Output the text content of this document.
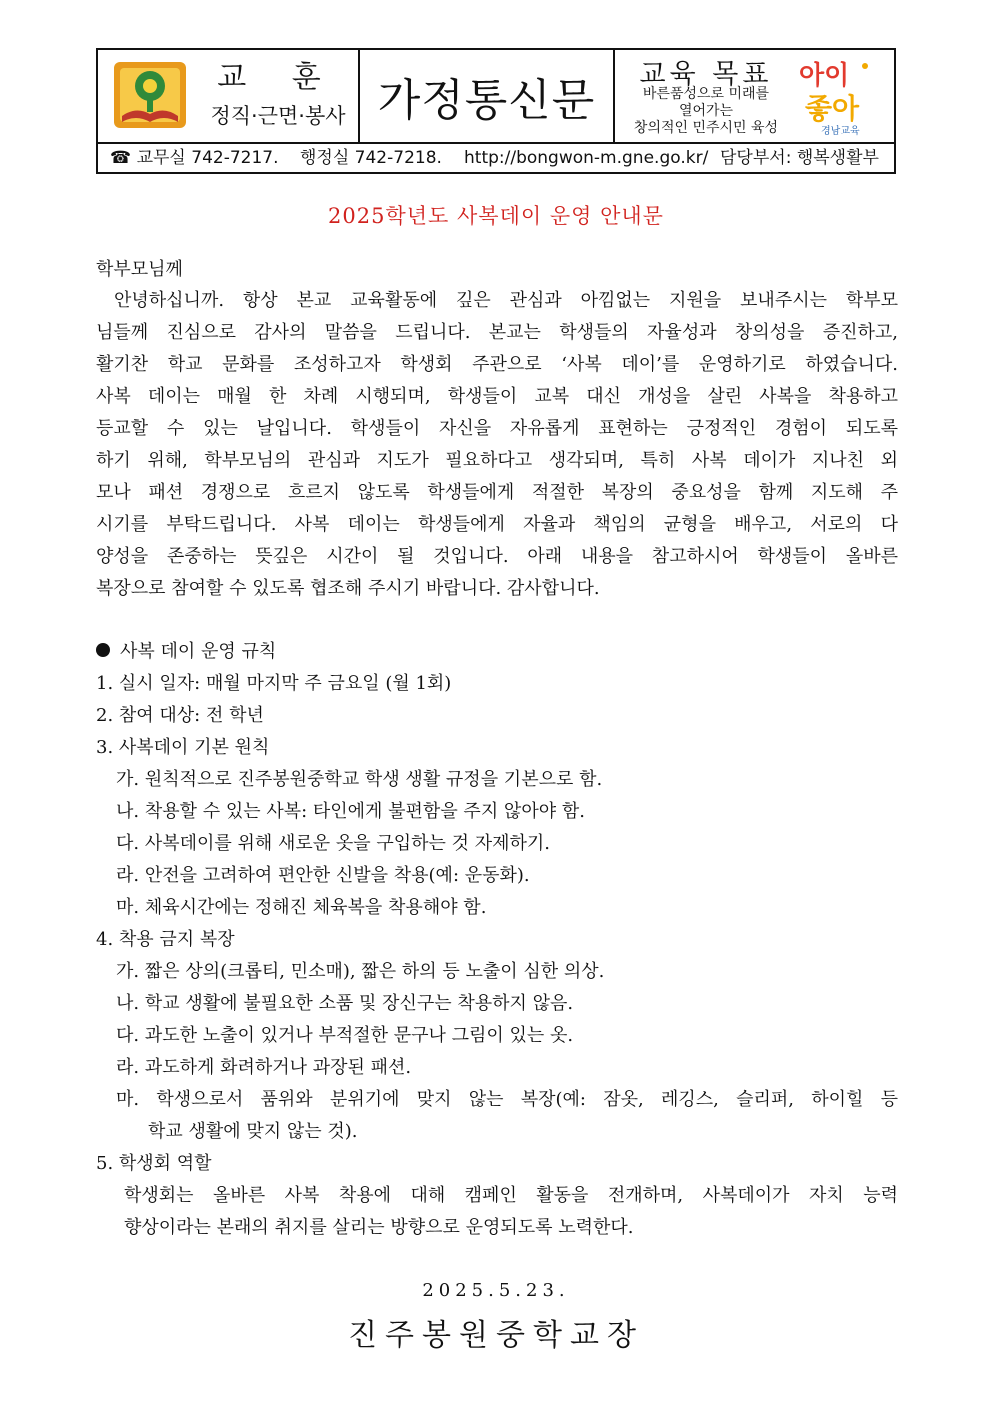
교 훈
정직·근면·봉사 가정통신문
교육 목표
바른품성으로 미래를
열어가는
창의적인 민주시민 육성
아이
좋아
경남교육
☎ 교무실 742-7217. 행정실 742-7218. http://bongwon-m.gne.go.kr/ 담당부서: 행복생활부
2025학년도 사복데이 운영 안내문
학부모님께
안녕하십니까. 항상 본교 교육활동에 깊은 관심과 아낌없는 지원을 보내주시는 학부모
님들께 진심으로 감사의 말씀을 드립니다. 본교는 학생들의 자율성과 창의성을 증진하고,
활기찬 학교 문화를 조성하고자 학생회 주관으로 ‘사복 데이’를 운영하기로 하였습니다.
사복 데이는 매월 한 차례 시행되며, 학생들이 교복 대신 개성을 살린 사복을 착용하고
등교할 수 있는 날입니다. 학생들이 자신을 자유롭게 표현하는 긍정적인 경험이 되도록
하기 위해, 학부모님의 관심과 지도가 필요하다고 생각되며, 특히 사복 데이가 지나친 외
모나 패션 경쟁으로 흐르지 않도록 학생들에게 적절한 복장의 중요성을 함께 지도해 주
시기를 부탁드립니다. 사복 데이는 학생들에게 자율과 책임의 균형을 배우고, 서로의 다
양성을 존중하는 뜻깊은 시간이 될 것입니다. 아래 내용을 참고하시어 학생들이 올바른
복장으로 참여할 수 있도록 협조해 주시기 바랍니다. 감사합니다.
사복 데이 운영 규칙
1. 실시 일자: 매월 마지막 주 금요일 (월 1회)
2. 참여 대상: 전 학년
3. 사복데이 기본 원칙
가. 원칙적으로 진주봉원중학교 학생 생활 규정을 기본으로 함.
나. 착용할 수 있는 사복: 타인에게 불편함을 주지 않아야 함.
다. 사복데이를 위해 새로운 옷을 구입하는 것 자제하기.
라. 안전을 고려하여 편안한 신발을 착용(예: 운동화).
마. 체육시간에는 정해진 체육복을 착용해야 함.
4. 착용 금지 복장
가. 짧은 상의(크롭티, 민소매), 짧은 하의 등 노출이 심한 의상.
나. 학교 생활에 불필요한 소품 및 장신구는 착용하지 않음.
다. 과도한 노출이 있거나 부적절한 문구나 그림이 있는 옷.
라. 과도하게 화려하거나 과장된 패션.
마. 학생으로서 품위와 분위기에 맞지 않는 복장(예: 잠옷, 레깅스, 슬리퍼, 하이힐 등
학교 생활에 맞지 않는 것).
5. 학생회 역할
학생회는 올바른 사복 착용에 대해 캠페인 활동을 전개하며, 사복데이가 자치 능력
향상이라는 본래의 취지를 살리는 방향으로 운영되도록 노력한다.
2025.5.23.
진주봉원중학교장
